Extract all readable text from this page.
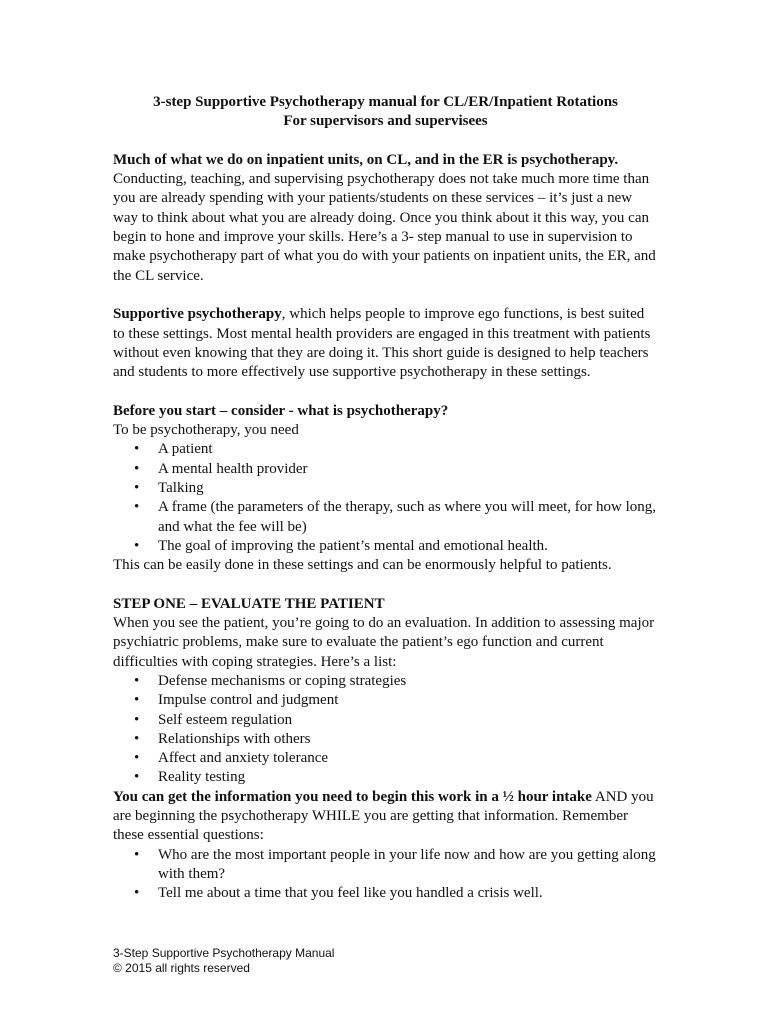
3-step Supportive Psychotherapy manual for CL/ER/Inpatient Rotations

For supervisors and supervisees

Much of what we do on inpatient units, on CL, and in the ER is psychotherapy. Conducting, teaching, and supervising psychotherapy does not take much more time than you are already spending with your patients/students on these services – it’s just a new way to think about what you are already doing. Once you think about it this way, you can begin to hone and improve your skills. Here’s a 3- step manual to use in supervision to make psychotherapy part of what you do with your patients on inpatient units, the ER, and the CL service.

Supportive psychotherapy, which helps people to improve ego functions, is best suited to these settings. Most mental health providers are engaged in this treatment with patients without even knowing that they are doing it. This short guide is designed to help teachers and students to more effectively use supportive psychotherapy in these settings.

Before you start – consider - what is psychotherapy?

To be psychotherapy, you need

• A patient
• A mental health provider
• Talking
• A frame (the parameters of the therapy, such as where you will meet, for how long, and what the fee will be)
• The goal of improving the patient’s mental and emotional health.

This can be easily done in these settings and can be enormously helpful to patients.

STEP ONE – EVALUATE THE PATIENT

When you see the patient, you’re going to do an evaluation. In addition to assessing major psychiatric problems, make sure to evaluate the patient’s ego function and current difficulties with coping strategies. Here’s a list:

• Defense mechanisms or coping strategies
• Impulse control and judgment
• Self esteem regulation
• Relationships with others
• Affect and anxiety tolerance
• Reality testing

You can get the information you need to begin this work in a ½ hour intake AND you are beginning the psychotherapy WHILE you are getting that information. Remember these essential questions:

• Who are the most important people in your life now and how are you getting along with them?
• Tell me about a time that you feel like you handled a crisis well.
3-Step Supportive Psychotherapy Manual
© 2015 all rights reserved
